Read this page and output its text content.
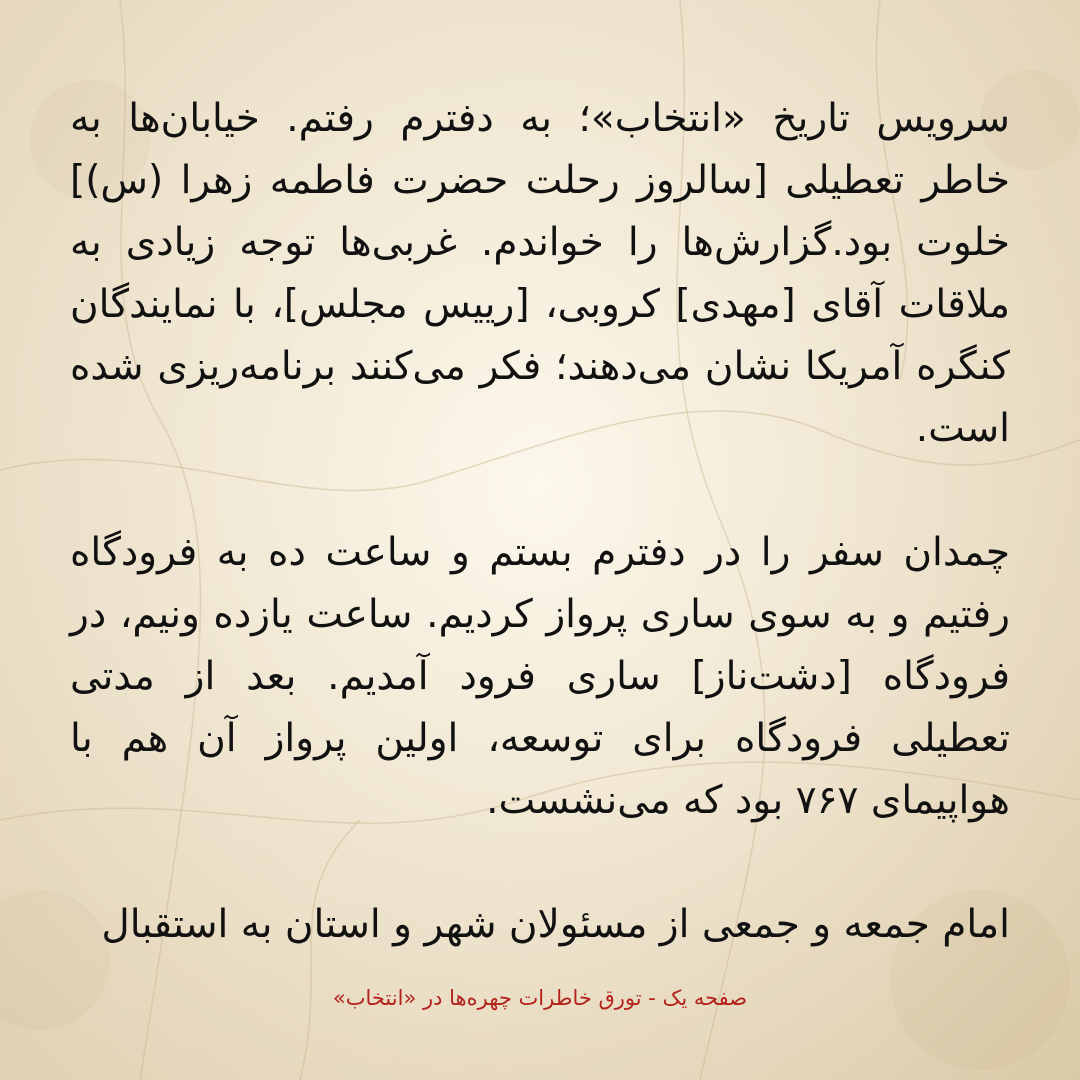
سرویس تاریخ «انتخاب»؛ به دفترم رفتم. خیابان‌ها به خاطر تعطیلی [سالروز رحلت حضرت فاطمه زهرا (س)] خلوت بود.گزارش‌ها را خواندم. غربی‌ها توجه زیادی به ملاقات آقای [مهدی] کروبی، [رییس مجلس]، با نمایندگان کنگره آمریکا نشان می‌دهند؛ فکر می‌کنند برنامه‌ریزی شده است.

چمدان سفر را در دفترم بستم و ساعت ده به فرودگاه رفتیم و به سوی ساری پرواز کردیم. ساعت یازده ونیم، در فرودگاه [دشت‌ناز] ساری فرود آمدیم. بعد از مدتی تعطیلی فرودگاه برای توسعه، اولین پرواز آن هم با هواپیمای ۷۶۷ بود که می‌نشست.

امام جمعه و جمعی از مسئولان شهر و استان به استقبال

صفحه یک - تورق خاطرات چهره‌ها در «انتخاب»
